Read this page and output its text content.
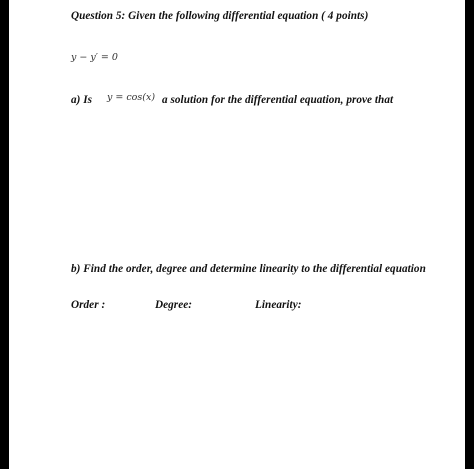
Question 5: Given the following differential equation ( 4 points)
y − y′ = 0
a) Is y = cos(x) a solution for the differential equation, prove that
b) Find the order, degree and determine linearity to the differential equation
Order :	Degree:	Linearity:
